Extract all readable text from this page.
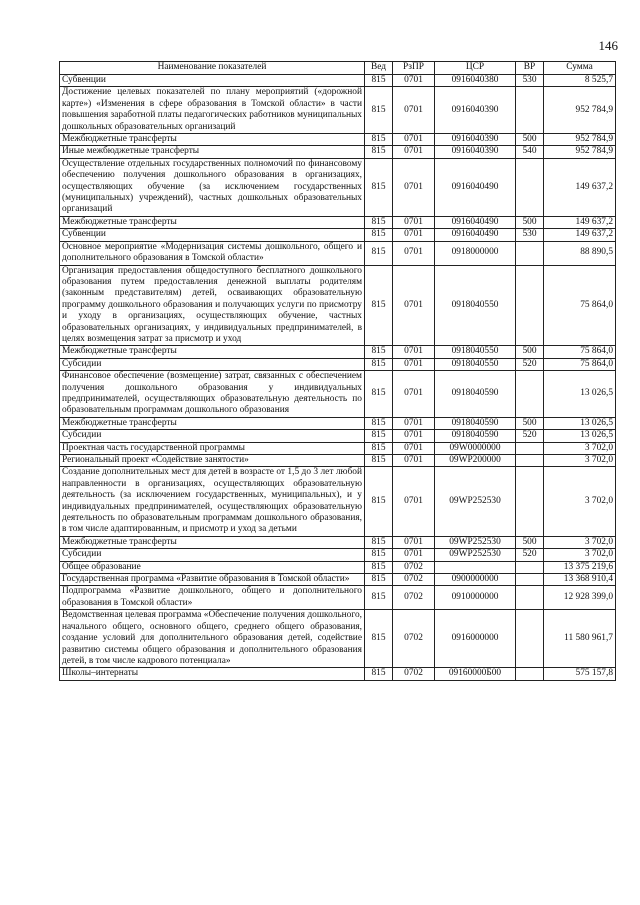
146
Наименование показателей	Вед	РзПР	ЦСР	ВР	Сумма
Субвенции	815	0701	0916040380	530	8 525,7
Достижение целевых показателей по плану мероприятий («дорожной карте») «Изменения в сфере образования в Томской области» в части повышения заработной платы педагогических работников муниципальных дошкольных образовательных организаций	815	0701	0916040390		952 784,9
Межбюджетные трансферты	815	0701	0916040390	500	952 784,9
Иные межбюджетные трансферты	815	0701	0916040390	540	952 784,9
Осуществление отдельных государственных полномочий по финансовому обеспечению получения дошкольного образования в организациях, осуществляющих обучение (за исключением государственных (муниципальных) учреждений), частных дошкольных образовательных организаций	815	0701	0916040490		149 637,2
Межбюджетные трансферты	815	0701	0916040490	500	149 637,2
Субвенции	815	0701	0916040490	530	149 637,2
Основное мероприятие «Модернизация системы дошкольного, общего и дополнительного образования в Томской области»	815	0701	0918000000		88 890,5
Организация предоставления общедоступного бесплатного дошкольного образования путем предоставления денежной выплаты родителям (законным представителям) детей, осваивающих образовательную программу дошкольного образования и получающих услуги по присмотру и уходу в организациях, осуществляющих обучение, частных образовательных организациях, у индивидуальных предпринимателей, в целях возмещения затрат за присмотр и уход	815	0701	0918040550		75 864,0
Межбюджетные трансферты	815	0701	0918040550	500	75 864,0
Субсидии	815	0701	0918040550	520	75 864,0
Финансовое обеспечение (возмещение) затрат, связанных с обеспечением получения дошкольного образования у индивидуальных предпринимателей, осуществляющих образовательную деятельность по образовательным программам дошкольного образования	815	0701	0918040590		13 026,5
Межбюджетные трансферты	815	0701	0918040590	500	13 026,5
Субсидии	815	0701	0918040590	520	13 026,5
Проектная часть государственной программы	815	0701	09W0000000		3 702,0
Региональный проект «Содействие занятости»	815	0701	09WP200000		3 702,0
Создание дополнительных мест для детей в возрасте от 1,5 до 3 лет любой направленности в организациях, осуществляющих образовательную деятельность (за исключением государственных, муниципальных), и у индивидуальных предпринимателей, осуществляющих образовательную деятельность по образовательным программам дошкольного образования, в том числе адаптированным, и присмотр и уход за детьми	815	0701	09WP252530		3 702,0
Межбюджетные трансферты	815	0701	09WP252530	500	3 702,0
Субсидии	815	0701	09WP252530	520	3 702,0
Общее образование	815	0702			13 375 219,6
Государственная программа «Развитие образования в Томской области»	815	0702	0900000000		13 368 910,4
Подпрограмма «Развитие дошкольного, общего и дополнительного образования в Томской области»	815	0702	0910000000		12 928 399,0
Ведомственная целевая программа «Обеспечение получения дошкольного, начального общего, основного общего, среднего общего образования, создание условий для дополнительного образования детей, содействие развитию системы общего образования и дополнительного образования детей, в том числе кадрового потенциала»	815	0702	0916000000		11 580 961,7
Школы–интернаты	815	0702	09160000Б00		575 157,8
